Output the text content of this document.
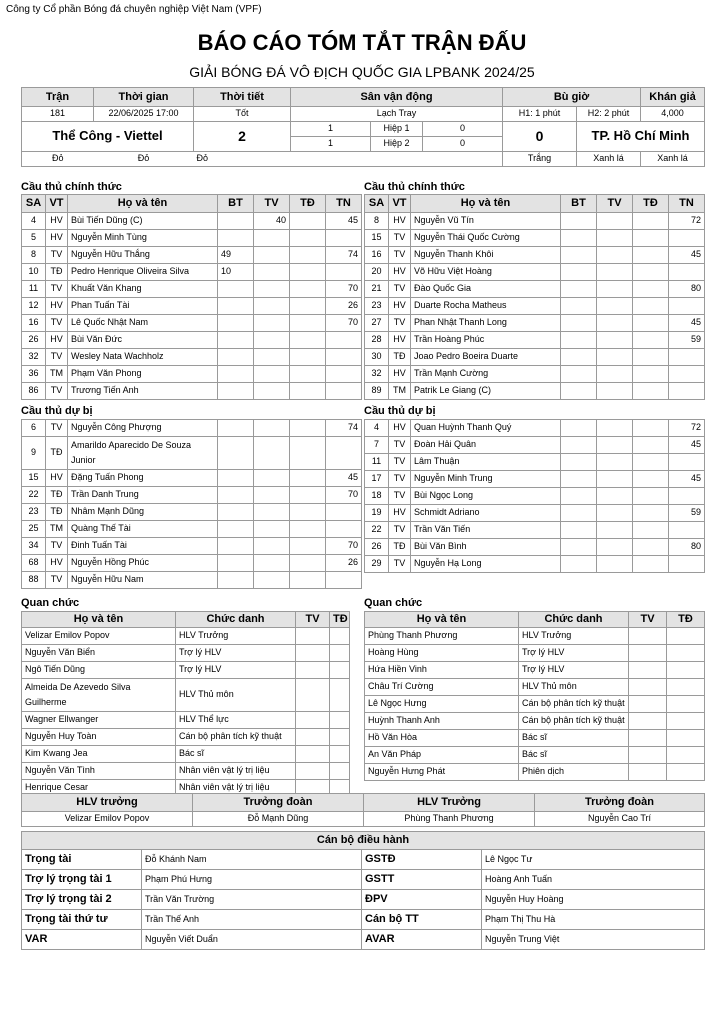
Công ty Cổ phần Bóng đá chuyên nghiệp Việt Nam (VPF)
BÁO CÁO TÓM TẮT TRẬN ĐẤU
GIẢI BÓNG ĐÁ VÔ ĐỊCH QUỐC GIA LPBANK 2024/25
Trận	Thời gian	Thời tiết	Sân vận động			Bù giờ		Khán giả
181	22/06/2025 17:00	Tốt	Lạch Tray			H1: 1 phút	H2: 2 phút	4,000
Thể Công - Viettel		2	1	Hiệp 1	0	0	TP. Hồ Chí Minh	
			1	Hiệp 2	0			
Đỏ	Đỏ	Đỏ				Trắng	Xanh lá	Xanh lá
Cầu thủ chính thức	Cầu thủ chính thức
Cầu thủ dự bị	Cầu thủ dự bị
Quan chức	Quan chức
SA	VT	Họ và tên	BT	TV	TĐ	TN
4	HV	Bùi Tiến Dũng (C)		40		45
5	HV	Nguyễn Minh Tùng				
8	TV	Nguyễn Hữu Thắng	49			74
10	TĐ	Pedro Henrique Oliveira Silva	10			
11	TV	Khuất Văn Khang				70
12	HV	Phan Tuấn Tài				26
16	TV	Lê Quốc Nhật Nam				70
26	HV	Bùi Văn Đức				
32	TV	Wesley Nata Wachholz				
36	TM	Phạm Văn Phong				
86	TV	Trương Tiến Anh				
SA	VT	Họ và tên	BT	TV	TĐ	TN
8	HV	Nguyễn Vũ Tín				72
15	TV	Nguyễn Thái Quốc Cường				
16	TV	Nguyễn Thanh Khôi				45
20	HV	Võ Hữu Việt Hoàng				
21	TV	Đào Quốc Gia				80
23	HV	Duarte Rocha Matheus				
27	TV	Phan Nhật Thanh Long				45
28	HV	Trần Hoàng Phúc				59
30	TĐ	Joao Pedro Boeira Duarte				
32	HV	Trần Mạnh Cường				
89	TM	Patrik Le Giang (C)				
6	TV	Nguyễn Công Phượng				74
9	TĐ	Amarildo Aparecido De Souza
Junior				

15	HV	Đặng Tuấn Phong				45
22	TĐ	Trần Danh Trung				70
23	TĐ	Nhâm Mạnh Dũng				
25	TM	Quàng Thế Tài				
34	TV	Đinh Tuấn Tài				70
68	HV	Nguyễn Hồng Phúc				26
88	TV	Nguyễn Hữu Nam				
4	HV	Quan Huỳnh Thanh Quý				72
7	TV	Đoàn Hải Quân				45
11	TV	Lâm Thuận				
17	TV	Nguyễn Minh Trung				45
18	TV	Bùi Ngọc Long				
19	HV	Schmidt Adriano				59
22	TV	Trần Văn Tiến				
26	TĐ	Bùi Văn Bình				80
29	TV	Nguyễn Hạ Long				
Họ và tên	Chức danh	TV	TĐ
Velizar Emilov Popov	HLV Trưởng		
Nguyễn Văn Biển	Trợ lý HLV		
Ngô Tiến Dũng	Trợ lý HLV		

Almeida De Azevedo Silva
Guilherme	HLV Thủ môn		
Wagner Ellwanger	HLV Thể lực		
Nguyễn Huy Toàn	Cán bộ phân tích kỹ thuật		
Kim Kwang Jea	Bác sĩ		
Nguyễn Văn Tình	Nhân viên vật lý trị liệu		
Henrique Cesar	Nhân viên vật lý trị liệu		
Họ và tên	Chức danh	TV	TĐ
Phùng Thanh Phương	HLV Trưởng		
Hoàng Hùng	Trợ lý HLV		
Hứa Hiền Vinh	Trợ lý HLV		
Châu Trí Cường	HLV Thủ môn		
Lê Ngọc Hưng	Cán bộ phân tích kỹ thuật		
Huỳnh Thanh Anh	Cán bộ phân tích kỹ thuật		
Hồ Văn Hòa	Bác sĩ		
An Văn Pháp	Bác sĩ		
Nguyễn Hưng Phát	Phiên dịch		
HLV trưởng	Trưởng đoàn	HLV Trưởng	Trưởng đoàn
Velizar Emilov Popov	Đỗ Mạnh Dũng	Phùng Thanh Phương	Nguyễn Cao Trí
Cán bộ điều hành			
Trọng tài	Đỗ Khánh Nam	GSTĐ	Lê Ngọc Tư
Trợ lý trọng tài 1	Phạm Phú Hưng	GSTT	Hoàng Anh Tuấn
Trợ lý trọng tài 2	Trần Văn Trường	ĐPV	Nguyễn Huy Hoàng
Trọng tài thứ tư	Trần Thế Anh	Cán bộ TT	Phạm Thị Thu Hà
VAR	Nguyễn Viết Duẩn	AVAR	Nguyễn Trung Việt
